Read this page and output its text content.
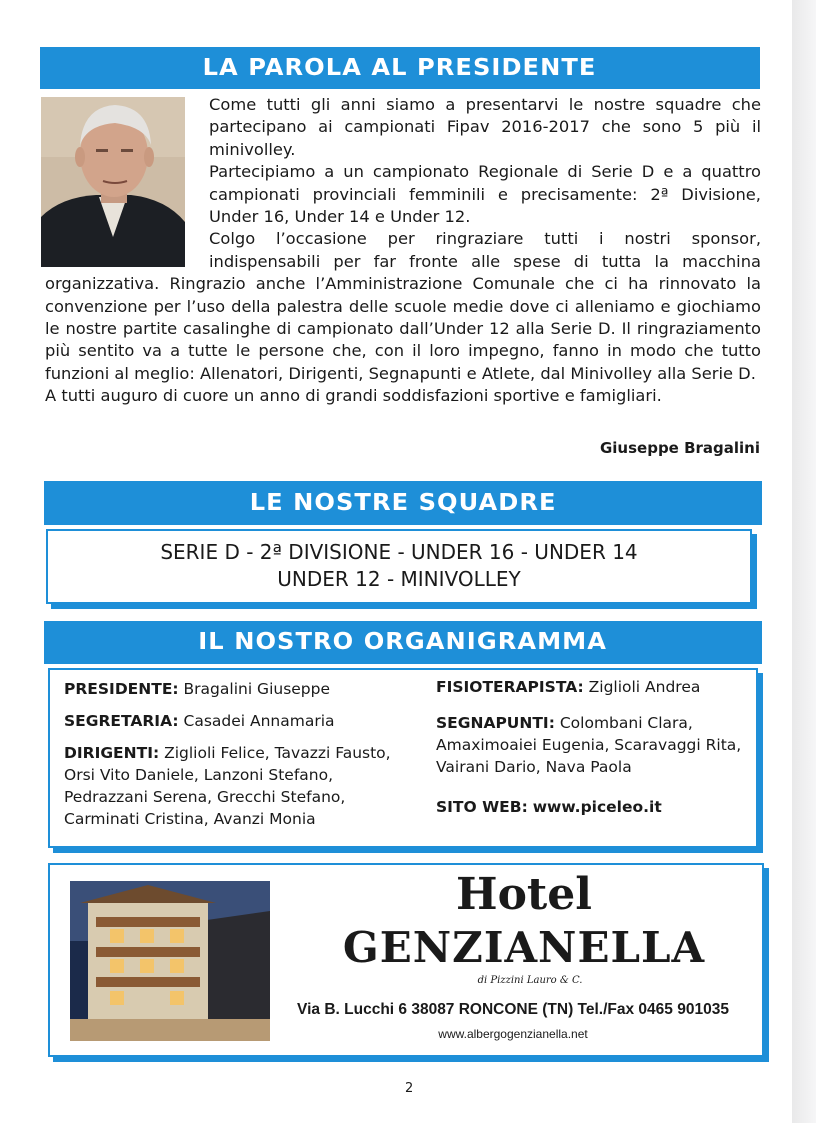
LA PAROLA AL PRESIDENTE

Come tutti gli anni siamo a presentarvi le nostre squadre che partecipano ai campionati Fipav 2016-2017 che sono 5 più il minivolley.

Partecipiamo a un campionato Regionale di Serie D e a quattro campionati provinciali femminili e precisamente: 2ª Divisione, Under 16, Under 14 e Under 12.

Colgo l’occasione per ringraziare tutti i nostri sponsor, indispensabili per far fronte alle spese di tutta la macchina organizzativa. Ringrazio anche l’Amministrazione Comunale che ci ha rinnovato la convenzione per l’uso della palestra delle scuole medie dove ci alleniamo e giochiamo le nostre partite casalinghe di campionato dall’Under 12 alla Serie D. Il ringraziamento più sentito va a tutte le persone che, con il loro impegno, fanno in modo che tutto funzioni al meglio: Allenatori, Dirigenti, Segnapunti e Atlete, dal Minivolley alla Serie D.

A tutti auguro di cuore un anno di grandi soddisfazioni sportive e famigliari.

Giuseppe Bragalini
LE NOSTRE SQUADRE
SERIE D - 2ª DIVISIONE - UNDER 16 - UNDER 14
UNDER 12 - MINIVOLLEY
IL NOSTRO ORGANIGRAMMA
PRESIDENTE: Bragalini Giuseppe
SEGRETARIA: Casadei Annamaria
DIRIGENTI: Ziglioli Felice, Tavazzi Fausto, Orsi Vito Daniele, Lanzoni Stefano, Pedrazzani Serena, Grecchi Stefano, Carminati Cristina, Avanzi Monia
FISIOTERAPISTA: Ziglioli Andrea
SEGNAPUNTI: Colombani Clara, Amaximoaiei Eugenia, Scaravaggi Rita, Vairani Dario, Nava Paola
SITO WEB: www.piceleo.it
Hotel
GENZIANELLA
di Pizzini Lauro & C.
Via B. Lucchi 6 38087 RONCONE (TN) Tel./Fax 0465 901035
www.albergogenzianella.net
2
